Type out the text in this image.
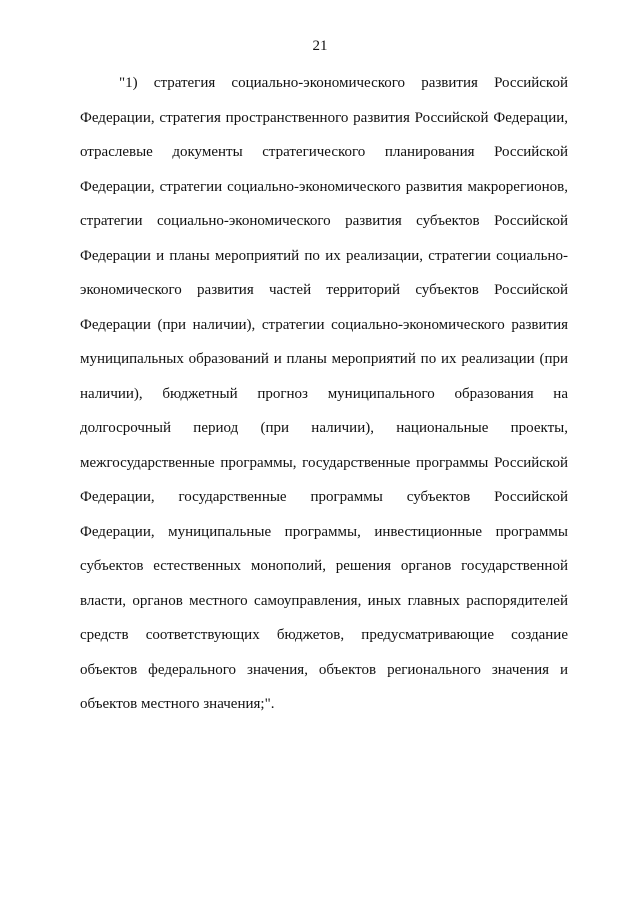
21
"1) стратегия социально-экономического развития Российской
Федерации, стратегия пространственного развития Российской Федерации,
отраслевые документы стратегического планирования Российской
Федерации, стратегии социально-экономического развития макрорегионов,
стратегии социально-экономического развития субъектов Российской
Федерации и планы мероприятий по их реализации, стратегии социально-
экономического развития частей территорий субъектов Российской
Федерации (при наличии), стратегии социально-экономического развития
муниципальных образований и планы мероприятий по их реализации (при
наличии), бюджетный прогноз муниципального образования на
долгосрочный период (при наличии), национальные проекты,
межгосударственные программы, государственные программы Российской
Федерации, государственные программы субъектов Российской
Федерации, муниципальные программы, инвестиционные программы
субъектов естественных монополий, решения органов государственной
власти, органов местного самоуправления, иных главных распорядителей
средств соответствующих бюджетов, предусматривающие создание
объектов федерального значения, объектов регионального значения и
объектов местного значения;".
